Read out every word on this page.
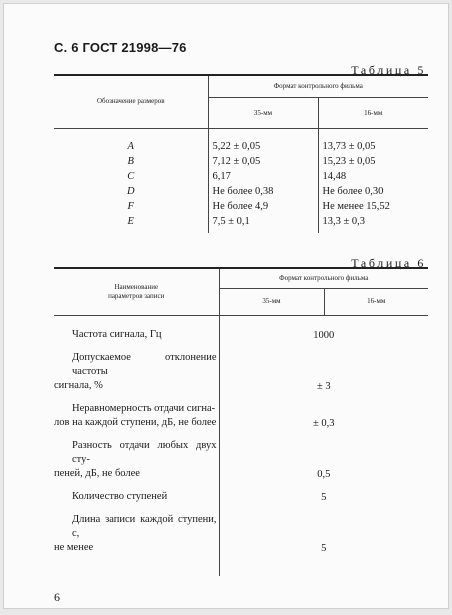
С. 6 ГОСТ 21998—76
Таблица 5
Обозначение размеров	Формат контрольного фильма	
	35-мм	16-мм

A	5,22 ± 0,05	13,73 ± 0,05
B	7,12 ± 0,05	15,23 ± 0,05
C	6,17	14,48
D	Не более 0,38	Не более 0,30
F	Не более 4,9	Не менее 15,52
E	7,5 ± 0,1	13,3 ± 0,3

Таблица 6
Наименование
параметров записи	Формат контрольного фильма	
	35-мм	16-мм

Частота сигнала, Гц	1000	

Допускаемое отклонение частоты
сигнала, %	± 3	

Неравномерность отдачи сигна-
лов на каждой ступени, дБ, не более	± 0,3	

Разность отдачи любых двух сту-
пеней, дБ, не более	0,5	

Количество ступеней	5	

Длина записи каждой ступени, с,
не менее	5	

6
